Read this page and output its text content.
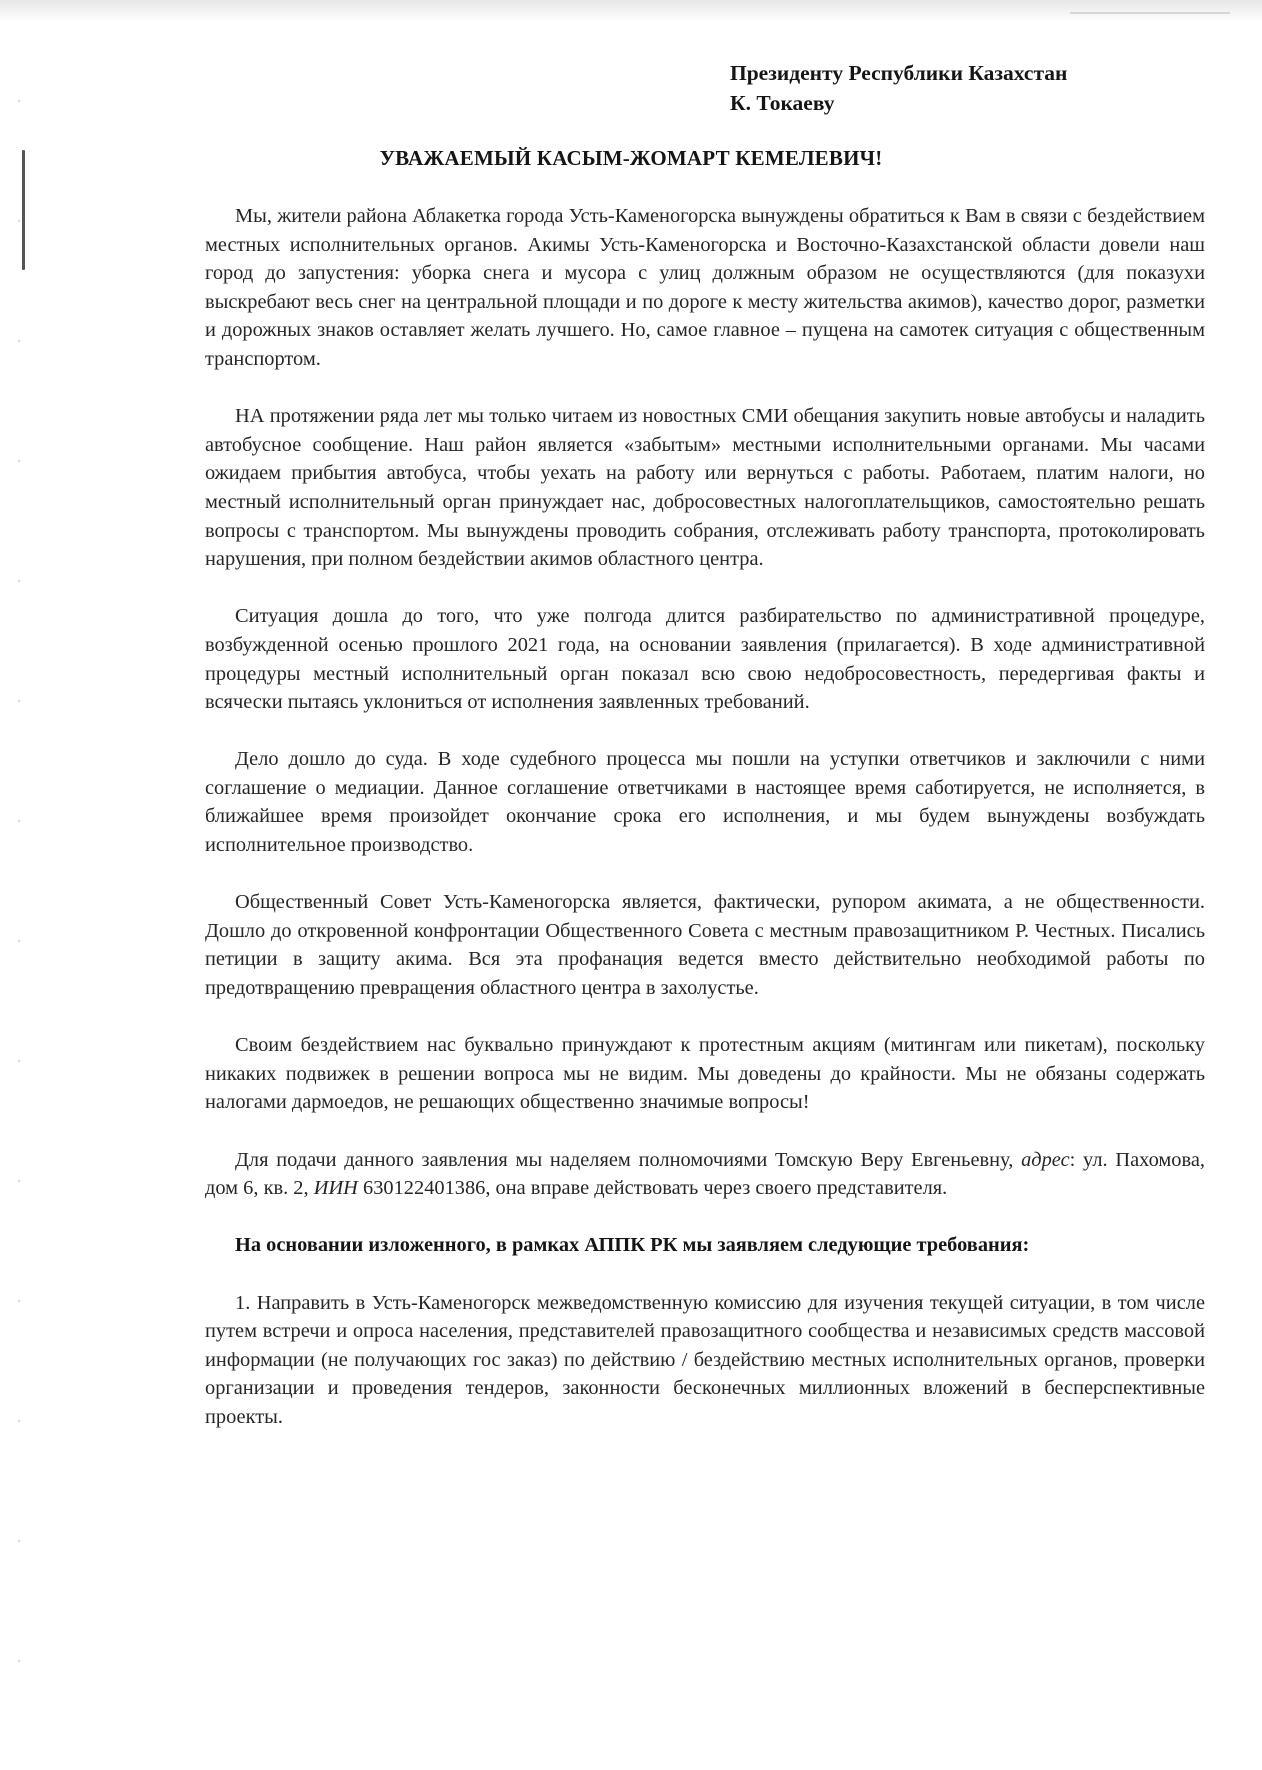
Президенту Республики Казахстан
К. Токаеву
УВАЖАЕМЫЙ КАСЫМ-ЖОМАРТ КЕМЕЛЕВИЧ!

Мы, жители района Аблакетка города Усть-Каменогорска вынуждены обратиться к Вам в связи с бездействием местных исполнительных органов. Акимы Усть-Каменогорска и Восточно-Казахстанской области довели наш город до запустения: уборка снега и мусора с улиц должным образом не осуществляются (для показухи выскребают весь снег на центральной площади и по дороге к месту жительства акимов), качество дорог, разметки и дорожных знаков оставляет желать лучшего. Но, самое главное – пущена на самотек ситуация с общественным транспортом.

НА протяжении ряда лет мы только читаем из новостных СМИ обещания закупить новые автобусы и наладить автобусное сообщение. Наш район является «забытым» местными исполнительными органами. Мы часами ожидаем прибытия автобуса, чтобы уехать на работу или вернуться с работы. Работаем, платим налоги, но местный исполнительный орган принуждает нас, добросовестных налогоплательщиков, самостоятельно решать вопросы с транспортом. Мы вынуждены проводить собрания, отслеживать работу транспорта, протоколировать нарушения, при полном бездействии акимов областного центра.

Ситуация дошла до того, что уже полгода длится разбирательство по административной процедуре, возбужденной осенью прошлого 2021 года, на основании заявления (прилагается). В ходе административной процедуры местный исполнительный орган показал всю свою недобросовестность, передергивая факты и всячески пытаясь уклониться от исполнения заявленных требований.

Дело дошло до суда. В ходе судебного процесса мы пошли на уступки ответчиков и заключили с ними соглашение о медиации. Данное соглашение ответчиками в настоящее время саботируется, не исполняется, в ближайшее время произойдет окончание срока его исполнения, и мы будем вынуждены возбуждать исполнительное производство.

Общественный Совет Усть-Каменогорска является, фактически, рупором акимата, а не общественности. Дошло до откровенной конфронтации Общественного Совета с местным правозащитником Р. Честных. Писались петиции в защиту акима. Вся эта профанация ведется вместо действительно необходимой работы по предотвращению превращения областного центра в захолустье.

Своим бездействием нас буквально принуждают к протестным акциям (митингам или пикетам), поскольку никаких подвижек в решении вопроса мы не видим. Мы доведены до крайности. Мы не обязаны содержать налогами дармоедов, не решающих общественно значимые вопросы!

Для подачи данного заявления мы наделяем полномочиями Томскую Веру Евгеньевну, адрес: ул. Пахомова, дом 6, кв. 2, ИИН 630122401386, она вправе действовать через своего представителя.

На основании изложенного, в рамках АППК РК мы заявляем следующие требования:

1. Направить в Усть-Каменогорск межведомственную комиссию для изучения текущей ситуации, в том числе путем встречи и опроса населения, представителей правозащитного сообщества и независимых средств массовой информации (не получающих гос заказ) по действию / бездействию местных исполнительных органов, проверки организации и проведения тендеров, законности бесконечных миллионных вложений в бесперспективные проекты.
